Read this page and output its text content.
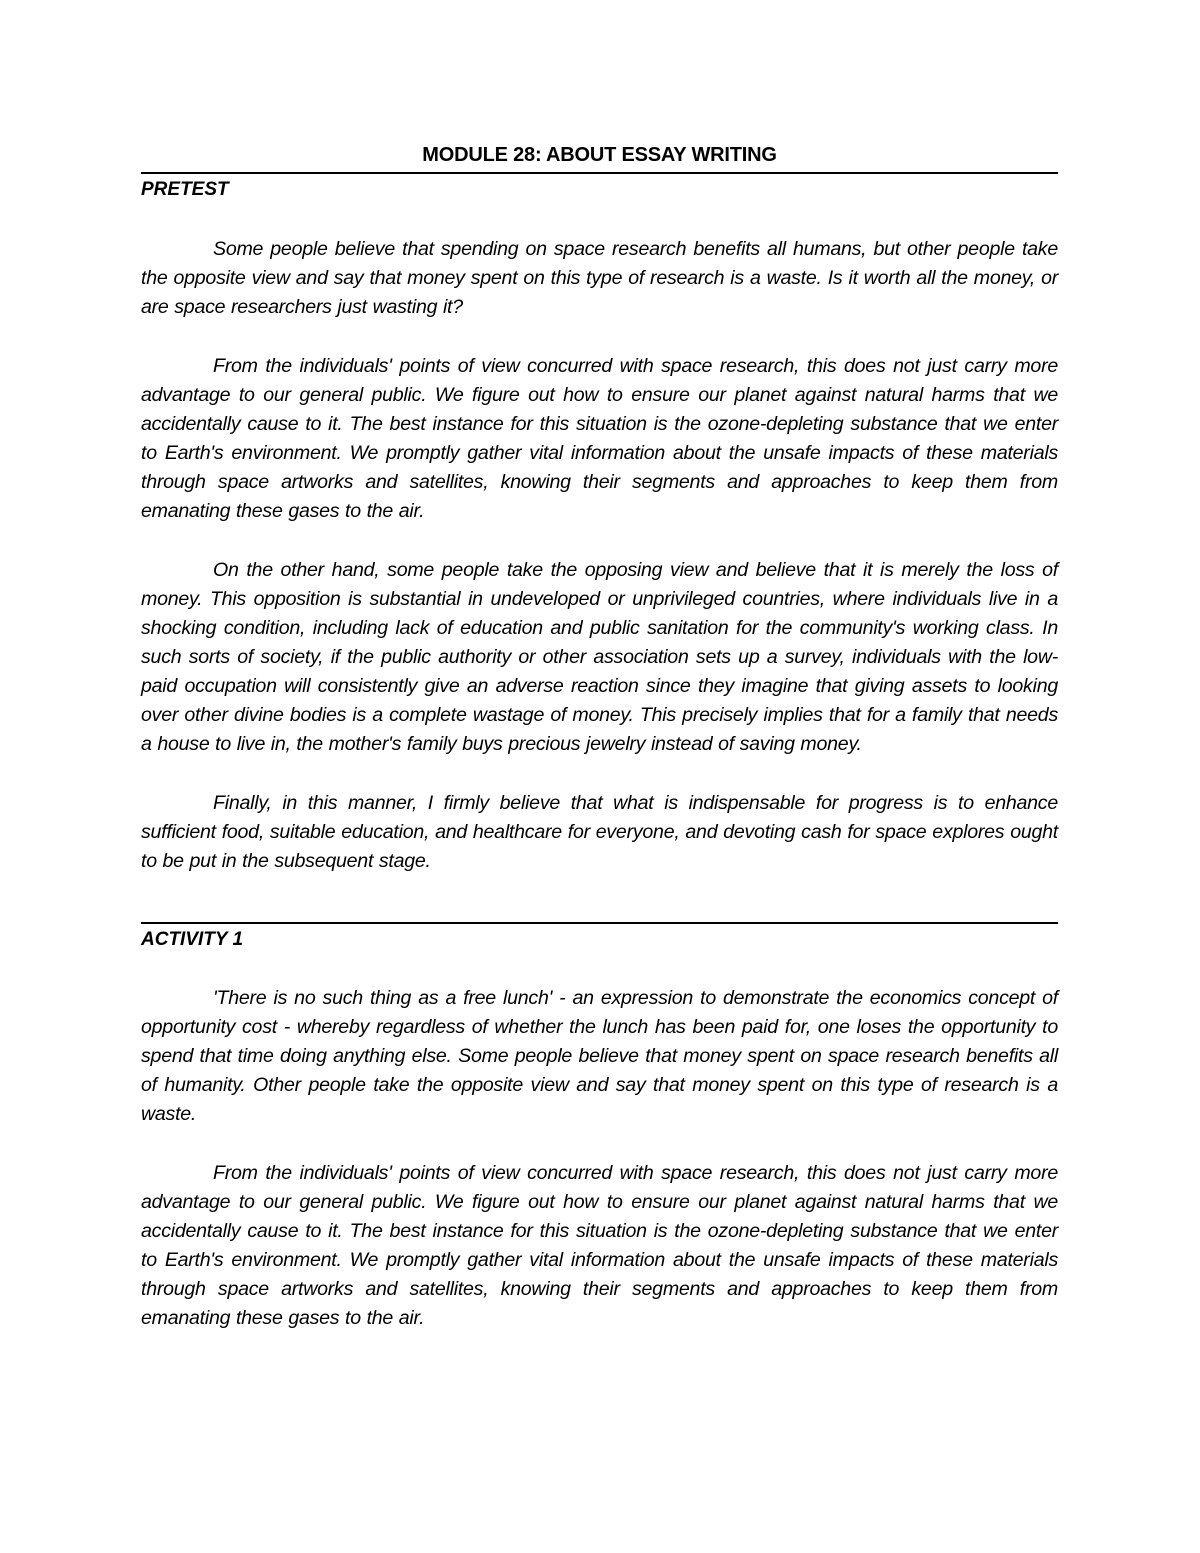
MODULE 28: ABOUT ESSAY WRITING
PRETEST

Some people believe that spending on space research benefits all humans, but other people take the opposite view and say that money spent on this type of research is a waste. Is it worth all the money, or are space researchers just wasting it?

From the individuals' points of view concurred with space research, this does not just carry more advantage to our general public. We figure out how to ensure our planet against natural harms that we accidentally cause to it. The best instance for this situation is the ozone-depleting substance that we enter to Earth's environment. We promptly gather vital information about the unsafe impacts of these materials through space artworks and satellites, knowing their segments and approaches to keep them from emanating these gases to the air.

On the other hand, some people take the opposing view and believe that it is merely the loss of money. This opposition is substantial in undeveloped or unprivileged countries, where individuals live in a shocking condition, including lack of education and public sanitation for the community's working class. In such sorts of society, if the public authority or other association sets up a survey, individuals with the low-paid occupation will consistently give an adverse reaction since they imagine that giving assets to looking over other divine bodies is a complete wastage of money. This precisely implies that for a family that needs a house to live in, the mother's family buys precious jewelry instead of saving money.

Finally, in this manner, I firmly believe that what is indispensable for progress is to enhance sufficient food, suitable education, and healthcare for everyone, and devoting cash for space explores ought to be put in the subsequent stage.

ACTIVITY 1

'There is no such thing as a free lunch' - an expression to demonstrate the economics concept of opportunity cost - whereby regardless of whether the lunch has been paid for, one loses the opportunity to spend that time doing anything else. Some people believe that money spent on space research benefits all of humanity. Other people take the opposite view and say that money spent on this type of research is a waste.

From the individuals' points of view concurred with space research, this does not just carry more advantage to our general public. We figure out how to ensure our planet against natural harms that we accidentally cause to it. The best instance for this situation is the ozone-depleting substance that we enter to Earth's environment. We promptly gather vital information about the unsafe impacts of these materials through space artworks and satellites, knowing their segments and approaches to keep them from emanating these gases to the air.
